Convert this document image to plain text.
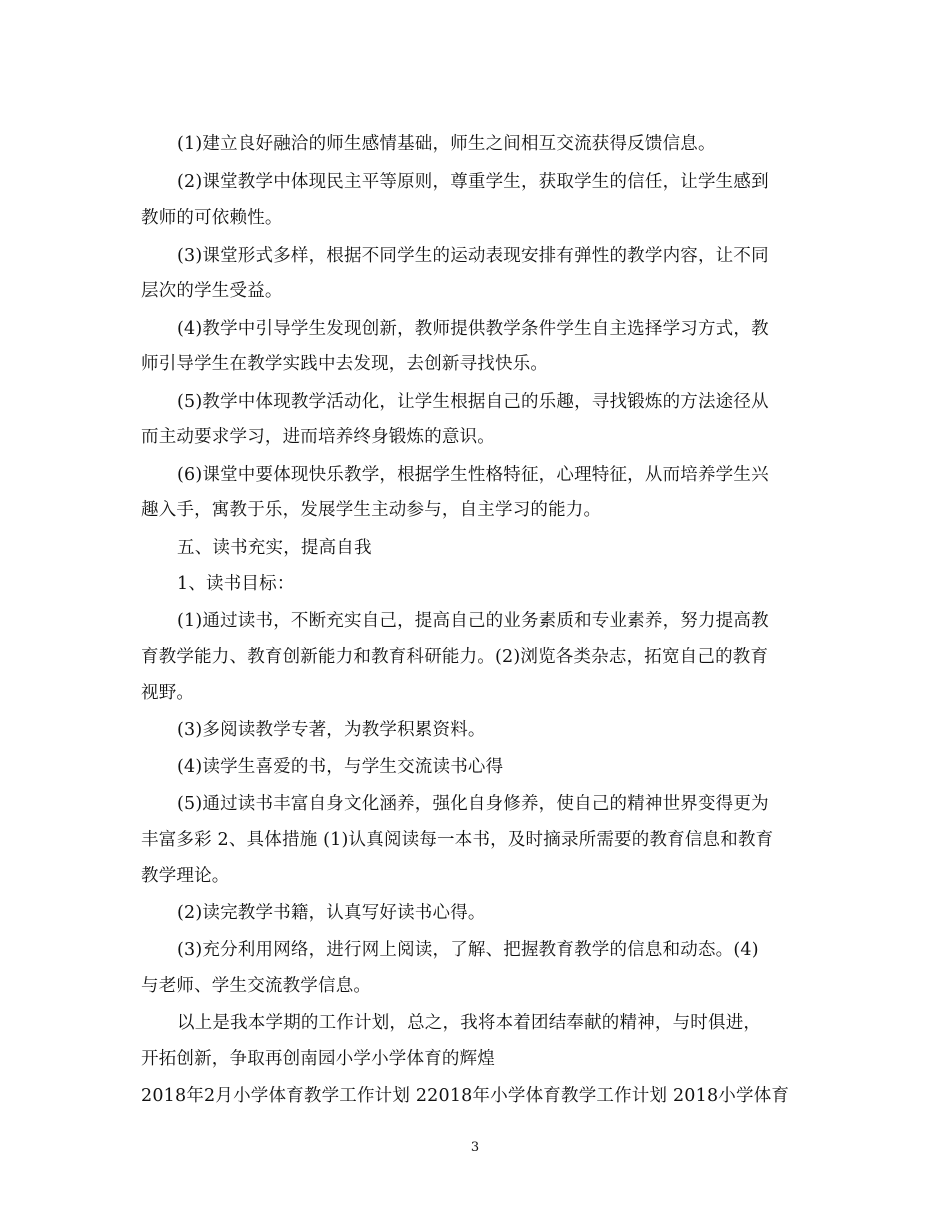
(1)建立良好融洽的师生感情基础，师生之间相互交流获得反馈信息。
(2)课堂教学中体现民主平等原则，尊重学生，获取学生的信任，让学生感到
教师的可依赖性。
(3)课堂形式多样，根据不同学生的运动表现安排有弹性的教学内容，让不同
层次的学生受益。
(4)教学中引导学生发现创新，教师提供教学条件学生自主选择学习方式，教
师引导学生在教学实践中去发现，去创新寻找快乐。
(5)教学中体现教学活动化，让学生根据自己的乐趣，寻找锻炼的方法途径从
而主动要求学习，进而培养终身锻炼的意识。
(6)课堂中要体现快乐教学，根据学生性格特征，心理特征，从而培养学生兴
趣入手，寓教于乐，发展学生主动参与，自主学习的能力。
五、读书充实，提高自我
1、读书目标：
(1)通过读书，不断充实自己，提高自己的业务素质和专业素养，努力提高教
育教学能力、教育创新能力和教育科研能力。(2)浏览各类杂志，拓宽自己的教育
视野。
(3)多阅读教学专著，为教学积累资料。
(4)读学生喜爱的书，与学生交流读书心得
(5)通过读书丰富自身文化涵养，强化自身修养，使自己的精神世界变得更为
丰富多彩 2、具体措施 (1)认真阅读每一本书，及时摘录所需要的教育信息和教育
教学理论。
(2)读完教学书籍，认真写好读书心得。
(3)充分利用网络，进行网上阅读，了解、把握教育教学的信息和动态。(4)
与老师、学生交流教学信息。
以上是我本学期的工作计划，总之，我将本着团结奉献的精神，与时俱进，
开拓创新，争取再创南园小学小学体育的辉煌
2018年2月小学体育教学工作计划 22018年小学体育教学工作计划 2018小学体育
3
